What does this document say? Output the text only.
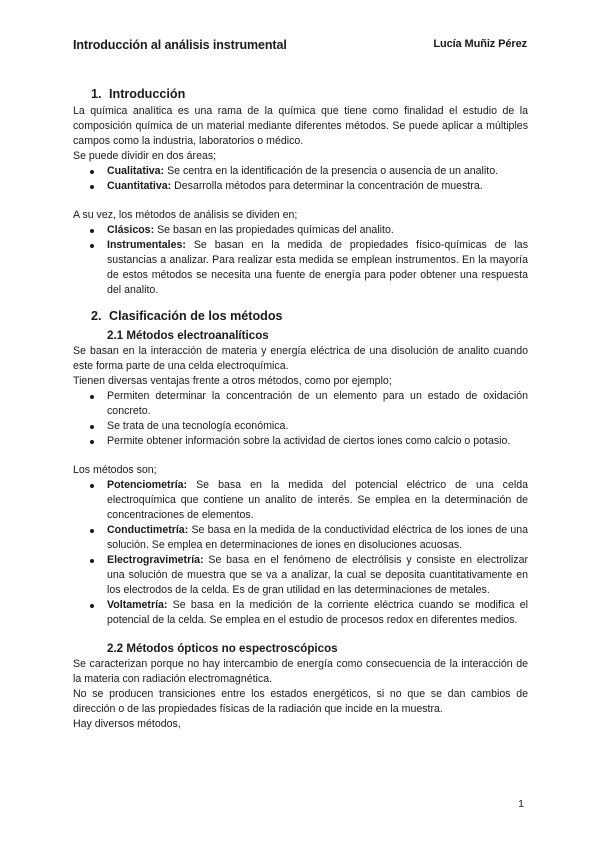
Introducción al análisis instrumental	Lucía Muñiz Pérez
1. Introducción
La química analítica es una rama de la química que tiene como finalidad el estudio de la composición química de un material mediante diferentes métodos. Se puede aplicar a múltiples campos como la industria, laboratorios o médico.
Se puede dividir en dos áreas;
Cualitativa: Se centra en la identificación de la presencia o ausencia de un analito.
Cuantitativa: Desarrolla métodos para determinar la concentración de muestra.
A su vez, los métodos de análisis se dividen en;
Clásicos: Se basan en las propiedades químicas del analito.
Instrumentales: Se basan en la medida de propiedades físico-químicas de las sustancias a analizar. Para realizar esta medida se emplean instrumentos. En la mayoría de estos métodos se necesita una fuente de energía para poder obtener una respuesta del analito.
2. Clasificación de los métodos
2.1 Métodos electroanalíticos
Se basan en la interacción de materia y energía eléctrica de una disolución de analito cuando este forma parte de una celda electroquímica.
Tienen diversas ventajas frente a otros métodos, como por ejemplo;
Permiten determinar la concentración de un elemento para un estado de oxidación concreto.
Se trata de una tecnología económica.
Permite obtener información sobre la actividad de ciertos iones como calcio o potasio.
Los métodos son;
Potenciometría: Se basa en la medida del potencial eléctrico de una celda electroquímica que contiene un analito de interés. Se emplea en la determinación de concentraciones de elementos.
Conductimetría: Se basa en la medida de la conductividad eléctrica de los iones de una solución. Se emplea en determinaciones de iones en disoluciones acuosas.
Electrogravimetría: Se basa en el fenómeno de electrólisis y consiste en electrolizar una solución de muestra que se va a analizar, la cual se deposita cuantitativamente en los electrodos de la celda. Es de gran utilidad en las determinaciones de metales.
Voltametría: Se basa en la medición de la corriente eléctrica cuando se modifica el potencial de la celda. Se emplea en el estudio de procesos redox en diferentes medios.
2.2 Métodos ópticos no espectroscópicos
Se caracterizan porque no hay intercambio de energía como consecuencia de la interacción de la materia con radiación electromagnética.
No se producen transiciones entre los estados energéticos, si no que se dan cambios de dirección o de las propiedades físicas de la radiación que incide en la muestra.
Hay diversos métodos,
1
